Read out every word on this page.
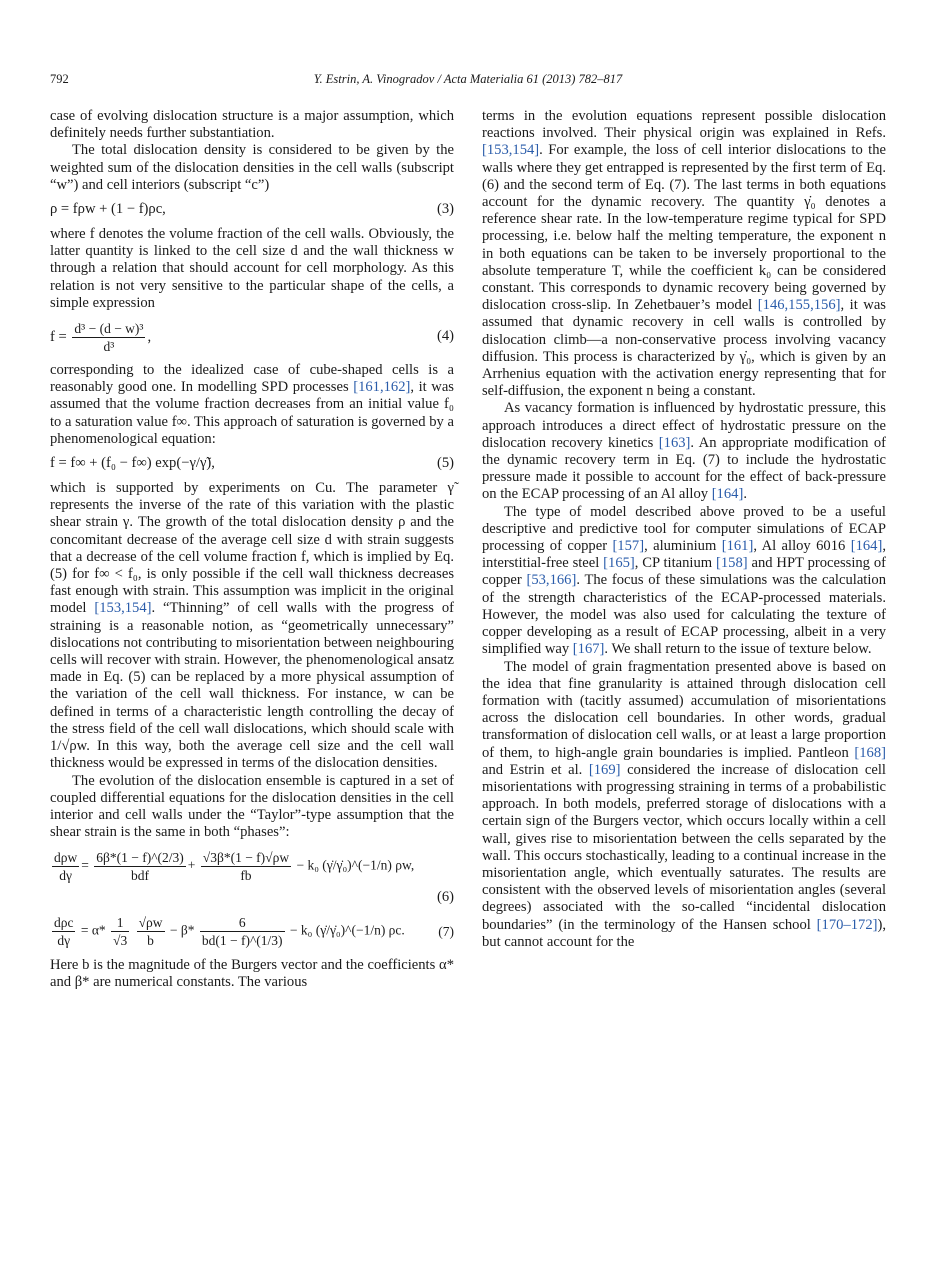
792	Y. Estrin, A. Vinogradov / Acta Materialia 61 (2013) 782–817

case of evolving dislocation structure is a major assumption, which definitely needs further substantiation.

The total dislocation density is considered to be given by the weighted sum of the dislocation densities in the cell walls (subscript “w”) and cell interiors (subscript “c”)

ρ = fρw + (1 − f)ρc,	(3)

where f denotes the volume fraction of the cell walls. Obviously, the latter quantity is linked to the cell size d and the wall thickness w through a relation that should account for cell morphology. As this relation is not very sensitive to the particular shape of the cells, a simple expression

$f = \frac{\text{d³ − (d − w)³}}{\text{d³}}$ ,	(4)

corresponding to the idealized case of cube-shaped cells is a reasonably good one. In modelling SPD processes [161,162], it was assumed that the volume fraction decreases from an initial value f₀ to a saturation value f∞. This approach of saturation is governed by a phenomenological equation:

f = f∞ + (f₀ − f∞) exp(−γ/γ̃),	(5)

which is supported by experiments on Cu. The parameter γ̃ represents the inverse of the rate of this variation with the plastic shear strain γ. The growth of the total dislocation density ρ and the concomitant decrease of the average cell size d with strain suggests that a decrease of the cell volume fraction f, which is implied by Eq. (5) for f∞ < f₀, is only possible if the cell wall thickness decreases fast enough with strain. This assumption was implicit in the original model [153,154]. “Thinning” of cell walls with the progress of straining is a reasonable notion, as “geometrically unnecessary” dislocations not contributing to misorientation between neighbouring cells will recover with strain. However, the phenomenological ansatz made in Eq. (5) can be replaced by a more physical assumption of the variation of the cell wall thickness. For instance, w can be defined in terms of a characteristic length controlling the decay of the stress field of the cell wall dislocations, which should scale with 1/√ρw. In this way, both the average cell size and the cell wall thickness would be expressed in terms of the dislocation densities.

The evolution of the dislocation ensemble is captured in a set of coupled differential equations for the dislocation densities in the cell interior and cell walls under the “Taylor”-type assumption that the shear strain is the same in both “phases”:

$\frac{\text{dρw}}{d\gamma} = \frac{6\beta*(1 - f)\^{}(2/3)}{\text{bdf}} + \frac{√3\beta*(1 - f)√\rho w}{fb} - k_0$ (γ̇/γ̇₀)^(−1/n) ρw,
(6)
$\frac{\text{dρc}}{d\gamma} = \alpha* \frac{1}{√3}$
$\frac{√\rho w}{b} - \beta* \frac{6}{bd(1 - f)\^{}(1/3)} - k_0$ (γ̇/γ̇₀)^(−1/n) ρc.	(7)

Here b is the magnitude of the Burgers vector and the coefficients α* and β* are numerical constants. The various

terms in the evolution equations represent possible dislocation reactions involved. Their physical origin was explained in Refs. [153,154]. For example, the loss of cell interior dislocations to the walls where they get entrapped is represented by the first term of Eq. (6) and the second term of Eq. (7). The last terms in both equations account for the dynamic recovery. The quantity γ̇₀ denotes a reference shear rate. In the low-temperature regime typical for SPD processing, i.e. below half the melting temperature, the exponent n in both equations can be taken to be inversely proportional to the absolute temperature T, while the coefficient k₀ can be considered constant. This corresponds to dynamic recovery being governed by dislocation cross-slip. In Zehetbauer’s model [146,155,156], it was assumed that dynamic recovery in cell walls is controlled by dislocation climb—a non-conservative process involving vacancy diffusion. This process is characterized by γ̇₀, which is given by an Arrhenius equation with the activation energy representing that for self-diffusion, the exponent n being a constant.

As vacancy formation is influenced by hydrostatic pressure, this approach introduces a direct effect of hydrostatic pressure on the dislocation recovery kinetics [163]. An appropriate modification of the dynamic recovery term in Eq. (7) to include the hydrostatic pressure made it possible to account for the effect of back-pressure on the ECAP processing of an Al alloy [164].

The type of model described above proved to be a useful descriptive and predictive tool for computer simulations of ECAP processing of copper [157], aluminium [161], Al alloy 6016 [164], interstitial-free steel [165], CP titanium [158] and HPT processing of copper [53,166]. The focus of these simulations was the calculation of the strength characteristics of the ECAP-processed materials. However, the model was also used for calculating the texture of copper developing as a result of ECAP processing, albeit in a very simplified way [167]. We shall return to the issue of texture below.

The model of grain fragmentation presented above is based on the idea that fine granularity is attained through dislocation cell formation with (tacitly assumed) accumulation of misorientations across the dislocation cell boundaries. In other words, gradual transformation of dislocation cell walls, or at least a large proportion of them, to high-angle grain boundaries is implied. Pantleon [168] and Estrin et al. [169] considered the increase of dislocation cell misorientations with progressing straining in terms of a probabilistic approach. In both models, preferred storage of dislocations with a certain sign of the Burgers vector, which occurs locally within a cell wall, gives rise to misorientation between the cells separated by the wall. This occurs stochastically, leading to a continual increase in the misorientation angle, which eventually saturates. The results are consistent with the observed levels of misorientation angles (several degrees) associated with the so-called “incidental dislocation boundaries” (in the terminology of the Hansen school [170–172]), but cannot account for the
